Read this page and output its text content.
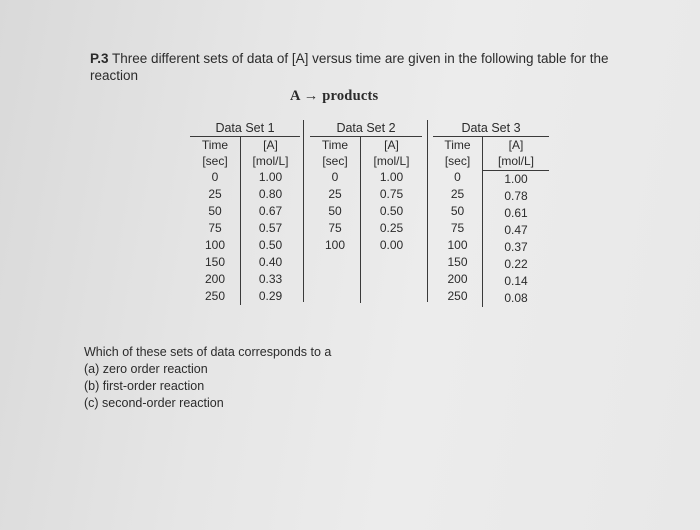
P.3 Three different sets of data of [A] versus time are given in the following table for the reaction
A → products
Data Set 1
Time
[sec]
0
25
50
75
100
150
200
250
[A]
[mol/L]
1.00
0.80
0.67
0.57
0.50
0.40
0.33
0.29
Data Set 2
Time
[sec]
0
25
50
75
100
[A]
[mol/L]
1.00
0.75
0.50
0.25
0.00
Data Set 3
Time
[sec]
0
25
50
75
100
150
200
250
[A]
[mol/L]
1.00
0.78
0.61
0.47
0.37
0.22
0.14
0.08
Which of these sets of data corresponds to a
(a) zero order reaction
(b) first-order reaction
(c) second-order reaction
